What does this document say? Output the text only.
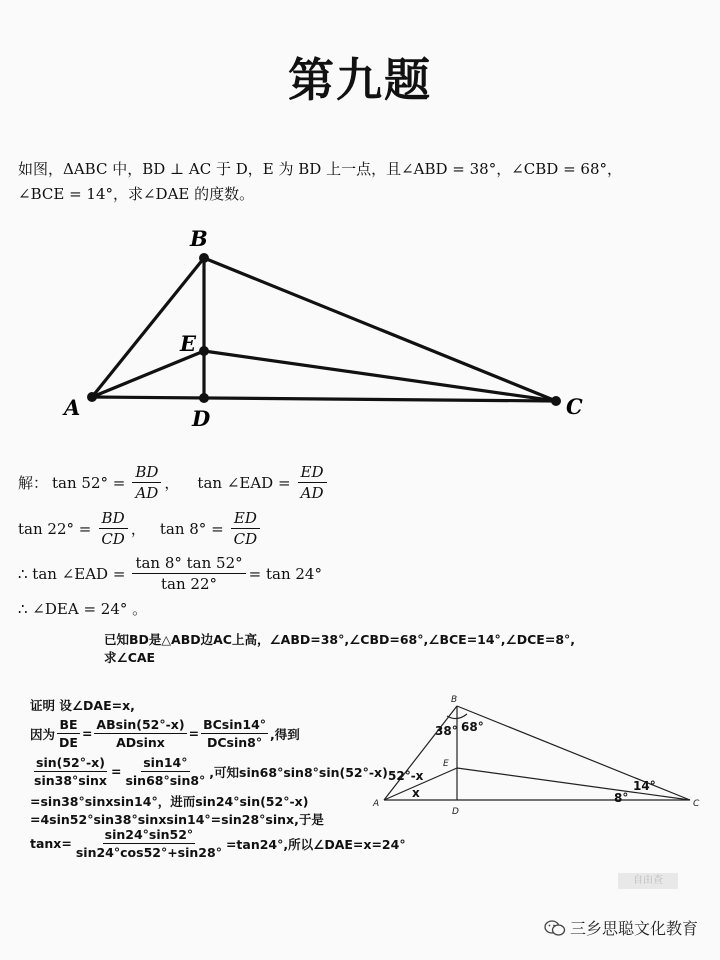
第九题
如图，ΔABC 中，BD ⊥ AC 于 D，E 为 BD 上一点，且∠ABD = 38°，∠CBD = 68°，
∠BCE = 14°，求∠DAE 的度数。
B
E
A	D	C
解： $\tan 52^\circ = \frac{BD}{AD}$ ， tan ∠EAD = $\frac{ED}{AD}$
$\tan 22^\circ = \frac{BD}{CD}$ ， $\tan 8^\circ = \frac{ED}{CD}$
∴ tan ∠EAD = $\frac{\tan 8^\circ \tan 52^\circ}{\tan 22^\circ} = \tan 24^\circ$
∴ ∠DEA = 24° 。
已知BD是△ABD边AC上高，∠ABD=38°,∠CBD=68°,∠BCE=14°,∠DCE=8°,
求∠CAE
证明 设∠DAE=x,
因为 $\frac{BE}{DE} = \frac{ABsin(52^\circ-x)}{ADsinx} = \frac{BCsin14^\circ}{DCsin8^\circ}$ ,得到
$\frac{\sin(52^\circ-x)}{\sin 38^\circ\sin x} = \frac{\sin 14^\circ}{\sin 68^\circ\sin 8^\circ}$ ,可知sin68°sin8°sin(52°-x)
=sin38°sinxsin14°，进而sin24°sin(52°-x)
=4sin52°sin38°sinxsin14°=sin28°sinx,于是
$\tan x= \frac{\sin 24^\circ\sin 52^\circ}{\sin 24^\circ\cos 52^\circ+\sin 28^\circ} =\tan 24^\circ$,所以∠DAE=x=24°
B
E
A
D
C
38° 68°
52°-x
x	14°
8°
自由查
三乡思聪文化教育
